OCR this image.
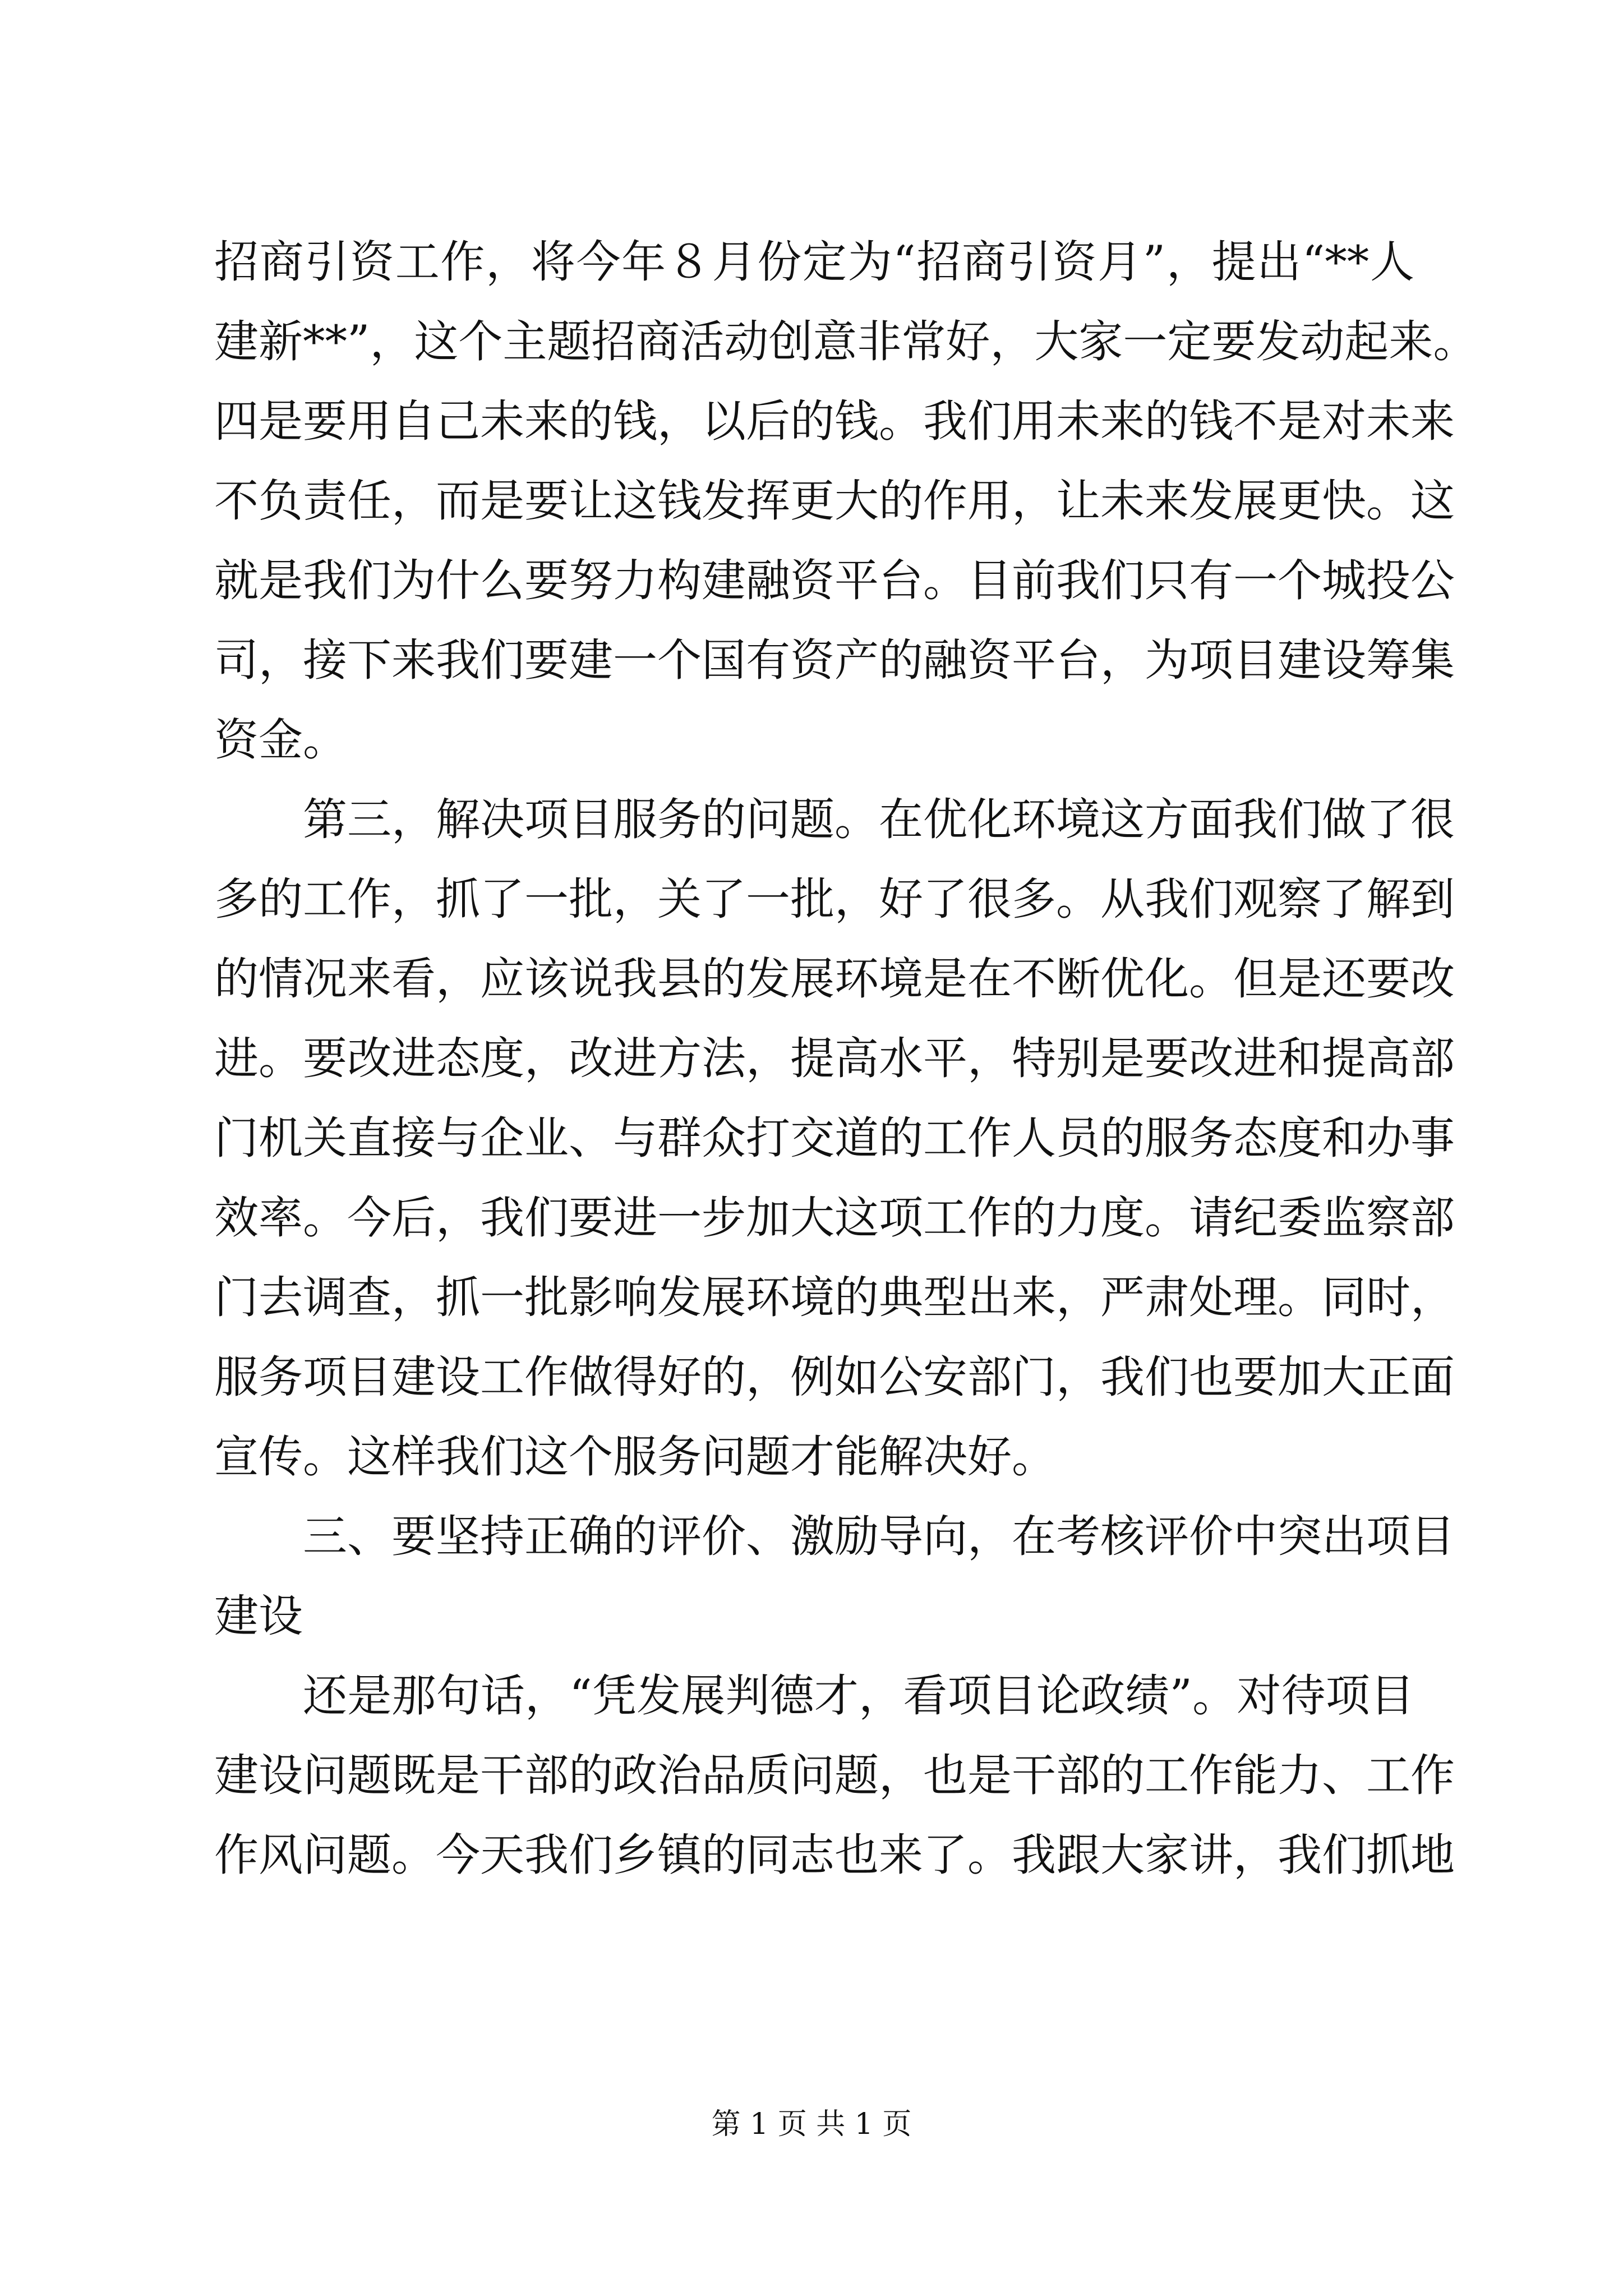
招商引资工作，将今年８月份定为“招商引资月”，提出“**人
建新**”，这个主题招商活动创意非常好，大家一定要发动起来。
四是要用自己未来的钱，以后的钱。我们用未来的钱不是对未来
不负责任，而是要让这钱发挥更大的作用，让未来发展更快。这
就是我们为什么要努力构建融资平台。目前我们只有一个城投公
司，接下来我们要建一个国有资产的融资平台，为项目建设筹集
资金。
第三，解决项目服务的问题。在优化环境这方面我们做了很
多的工作，抓了一批，关了一批，好了很多。从我们观察了解到
的情况来看，应该说我县的发展环境是在不断优化。但是还要改
进。要改进态度，改进方法，提高水平，特别是要改进和提高部
门机关直接与企业、与群众打交道的工作人员的服务态度和办事
效率。今后，我们要进一步加大这项工作的力度。请纪委监察部
门去调查，抓一批影响发展环境的典型出来，严肃处理。同时，
服务项目建设工作做得好的，例如公安部门，我们也要加大正面
宣传。这样我们这个服务问题才能解决好。
三、要坚持正确的评价、激励导向，在考核评价中突出项目
建设
还是那句话，“凭发展判德才，看项目论政绩”。对待项目
建设问题既是干部的政治品质问题，也是干部的工作能力、工作
作风问题。今天我们乡镇的同志也来了。我跟大家讲，我们抓地
第 1 页 共 1 页
